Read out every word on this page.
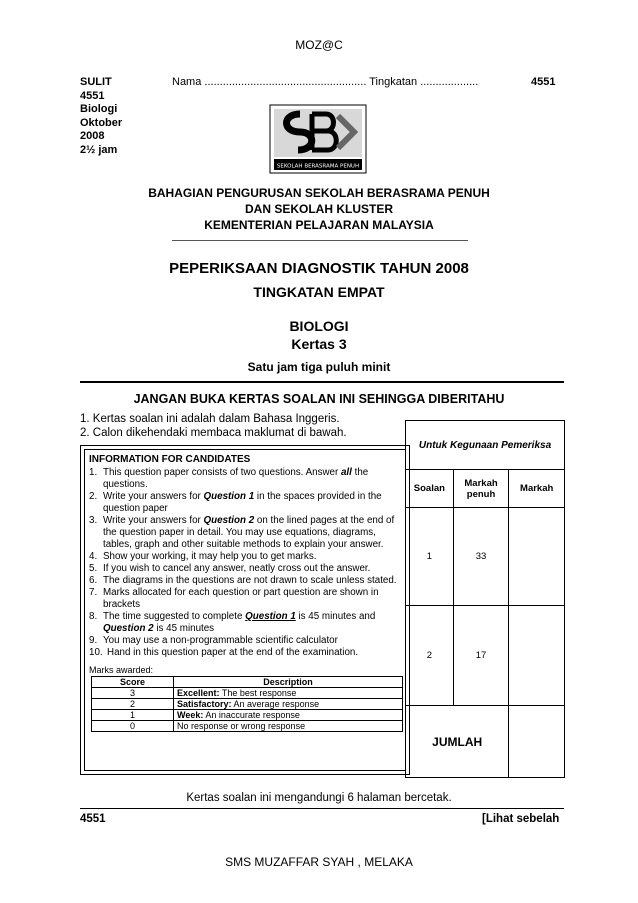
MOZ@C
SULIT
4551
Biologi
Oktober
2008
2½ jam
Nama ..................................................... Tingkatan ...................	4551
SEKOLAH BERASRAMA PENUH
BAHAGIAN PENGURUSAN SEKOLAH BERASRAMA PENUH
DAN SEKOLAH KLUSTER
KEMENTERIAN PELAJARAN MALAYSIA
PEPERIKSAAN DIAGNOSTIK TAHUN 2008
TINGKATAN EMPAT
BIOLOGI
Kertas 3
Satu jam tiga puluh minit
JANGAN BUKA KERTAS SOALAN INI SEHINGGA DIBERITAHU
1. Kertas soalan ini adalah dalam Bahasa Inggeris.
2. Calon dikehendaki membaca maklumat di bawah.
INFORMATION FOR CANDIDATES
1. This question paper consists of two questions. Answer all the questions.
2. Write your answers for Question 1 in the spaces provided in the question paper
3. Write your answers for Question 2 on the lined pages at the end of the question paper in detail. You may use equations, diagrams, tables, graph and other suitable methods to explain your answer.
4. Show your working, it may help you to get marks.
5. If you wish to cancel any answer, neatly cross out the answer.
6. The diagrams in the questions are not drawn to scale unless stated.
7. Marks allocated for each question or part question are shown in brackets
8. The time suggested to complete Question 1 is 45 minutes and Question 2 is 45 minutes
9. You may use a non-programmable scientific calculator
10. Hand in this question paper at the end of the examination.
Marks awarded:
Score	Description
3	Excellent: The best response
2	Satisfactory: An average response
1	Week: An inaccurate response
0	No response or wrong response
Untuk Kegunaan Pemeriksa		
Soalan	Markah penuh	Markah
1	33	
2	17	
JUMLAH		
Kertas soalan ini mengandungi 6 halaman bercetak.
4551	[Lihat sebelah
SMS MUZAFFAR SYAH , MELAKA
